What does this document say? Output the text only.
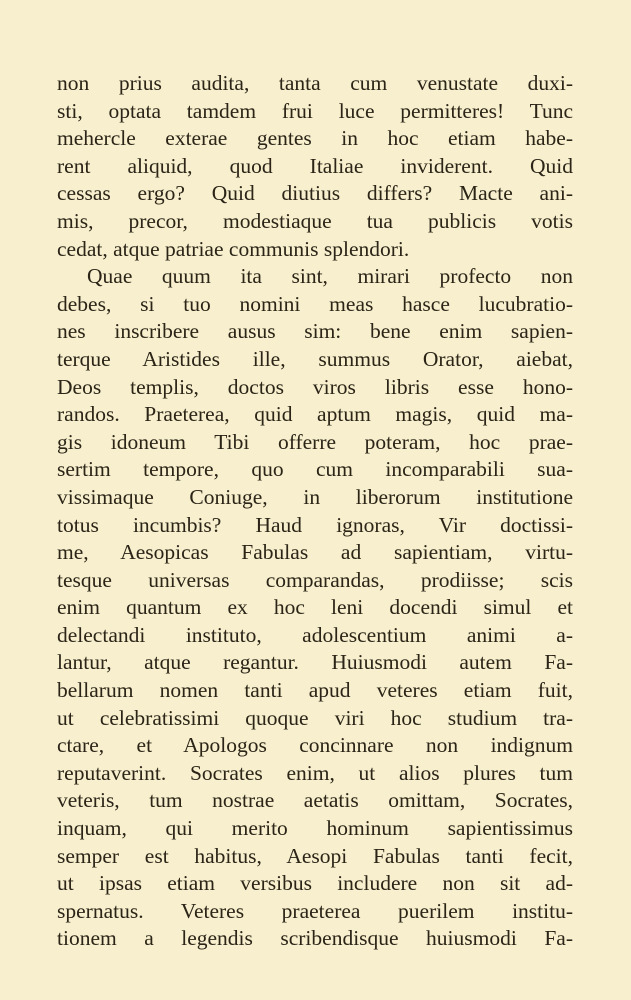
non prius audita, tanta cum venustate duxi-
sti, optata tamdem frui luce permitteres! Tunc
mehercle exterae gentes in hoc etiam habe-
rent aliquid, quod Italiae inviderent. Quid
cessas ergo? Quid diutius differs? Macte ani-
mis, precor, modestiaque tua publicis votis
cedat, atque patriae communis splendori.
Quae quum ita sint, mirari profecto non
debes, si tuo nomini meas hasce lucubratio-
nes inscribere ausus sim: bene enim sapien-
terque Aristides ille, summus Orator, aiebat,
Deos templis, doctos viros libris esse hono-
randos. Praeterea, quid aptum magis, quid ma-
gis idoneum Tibi offerre poteram, hoc prae-
sertim tempore, quo cum incomparabili sua-
vissimaque Coniuge, in liberorum institutione
totus incumbis? Haud ignoras, Vir doctissi-
me, Aesopicas Fabulas ad sapientiam, virtu-
tesque universas comparandas, prodiisse; scis
enim quantum ex hoc leni docendi simul et
delectandi instituto, adolescentium animi a-
lantur, atque regantur. Huiusmodi autem Fa-
bellarum nomen tanti apud veteres etiam fuit,
ut celebratissimi quoque viri hoc studium tra-
ctare, et Apologos concinnare non indignum
reputaverint. Socrates enim, ut alios plures tum
veteris, tum nostrae aetatis omittam, Socrates,
inquam, qui merito hominum sapientissimus
semper est habitus, Aesopi Fabulas tanti fecit,
ut ipsas etiam versibus includere non sit ad-
spernatus. Veteres praeterea puerilem institu-
tionem a legendis scribendisque huiusmodi Fa-
